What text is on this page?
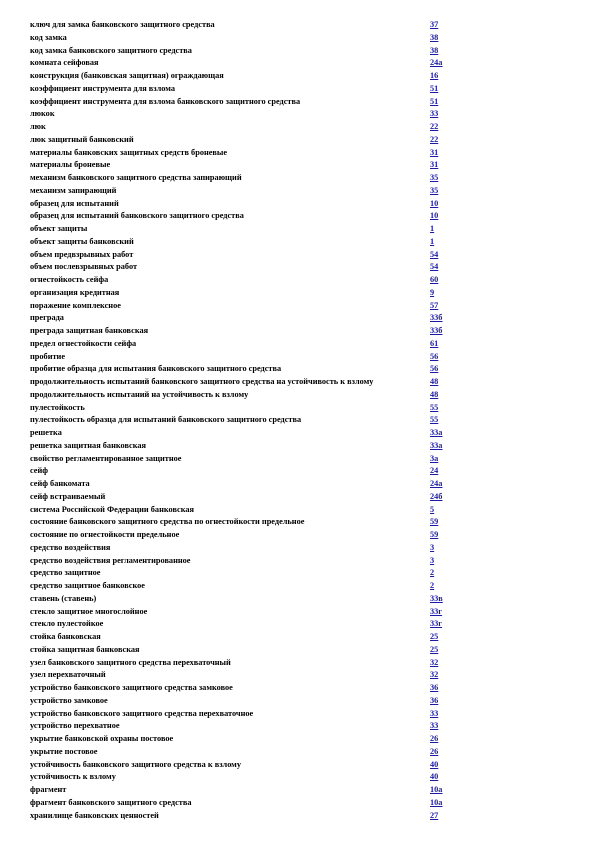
ключ для замка банковского защитного средства	37
код замка	38
код замка банковского защитного средства	38
комната сейфовая	24а
конструкция (банковская защитная) ограждающая	16
коэффициент инструмента для взлома	51
коэффициент инструмента для взлома банковского защитного средства	51
люкок	33
люк	22
люк защитный банковский	22
материалы банковских защитных средств броневые	31
материалы броневые	31
механизм банковского защитного средства запирающий	35
механизм запирающий	35
образец для испытаний	10
образец для испытаний банковского защитного средства	10
объект защиты	1
объект защиты банковский	1
объем предвзрывных работ	54
объем послевзрывных работ	54
огнестойкость сейфа	60
организация кредитная	9
поражение комплексное	57
преграда	33б
преграда защитная банковская	33б
предел огнестойкости сейфа	61
пробитие	56
пробитие образца для испытания банковского защитного средства	56
продолжительность испытаний банковского защитного средства на устойчивость к взлому	48
продолжительность испытаний на устойчивость к взлому	48
пулестойкость	55
пулестойкость образца для испытаний банковского защитного средства	55
решетка	33а
решетка защитная банковская	33а
свойство регламентированное защитное	3а
сейф	24
сейф банкомата	24а
сейф встраиваемый	24б
система Российской Федерации банковская	5
состояние банковского защитного средства по огнестойкости предельное	59
состояние по огнестойкости предельное	59
средство воздействия	3
средство воздействия регламентированное	3
средство защитное	2
средство защитное банковское	2
ставень (ставень)	33в
стекло защитное многослойное	33г
стекло пулестойкое	33г
стойка банковская	25
стойка защитная банковская	25
узел банковского защитного средства перехваточный	32
узел перехваточный	32
устройство банковского защитного средства замковое	36
устройство замковое	36
устройство банковского защитного средства перехваточное	33
устройство перехватное	33
укрытие банковской охраны постовое	26
укрытие постовое	26
устойчивость банковского защитного средства к взлому	40
устойчивость к взлому	40
фрагмент	10а
фрагмент банковского защитного средства	10а
хранилище банковских ценностей	27
